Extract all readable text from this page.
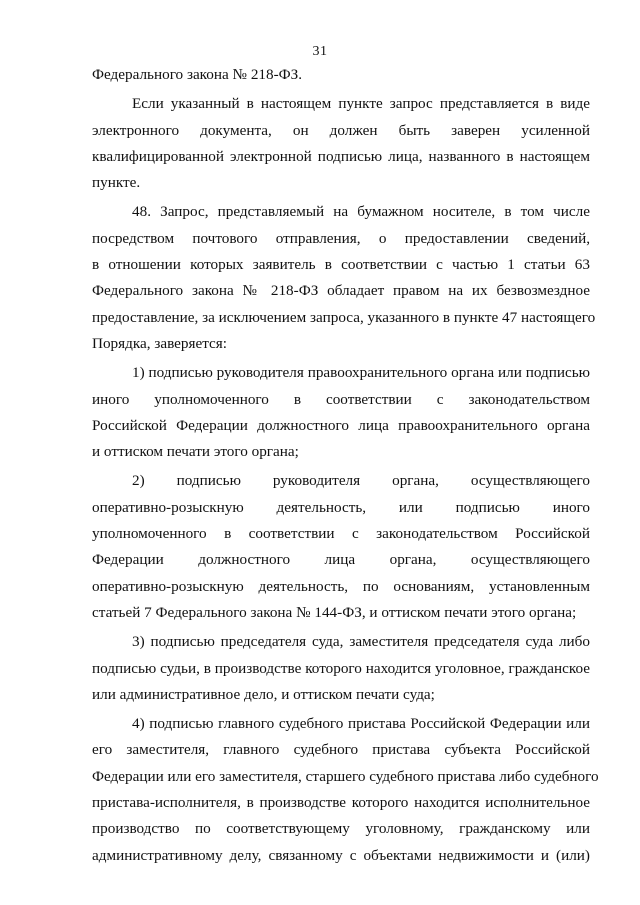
31
Федерального закона № 218-ФЗ.
Если указанный в настоящем пункте запрос представляется в виде
электронного документа, он должен быть заверен усиленной
квалифицированной электронной подписью лица, названного в настоящем
пункте.
48. Запрос, представляемый на бумажном носителе, в том числе
посредством почтового отправления, о предоставлении сведений,
в отношении которых заявитель в соответствии с частью 1 статьи 63
Федерального закона № 218-ФЗ обладает правом на их безвозмездное
предоставление, за исключением запроса, указанного в пункте 47 настоящего
Порядка, заверяется:
1) подписью руководителя правоохранительного органа или подписью
иного уполномоченного в соответствии с законодательством
Российской Федерации должностного лица правоохранительного органа
и оттиском печати этого органа;
2) подписью руководителя органа, осуществляющего
оперативно-розыскную деятельность, или подписью иного
уполномоченного в соответствии с законодательством Российской
Федерации должностного лица органа, осуществляющего
оперативно-розыскную деятельность, по основаниям, установленным
статьей 7 Федерального закона № 144-ФЗ, и оттиском печати этого органа;
3) подписью председателя суда, заместителя председателя суда либо
подписью судьи, в производстве которого находится уголовное, гражданское
или административное дело, и оттиском печати суда;
4) подписью главного судебного пристава Российской Федерации или
его заместителя, главного судебного пристава субъекта Российской
Федерации или его заместителя, старшего судебного пристава либо судебного
пристава-исполнителя, в производстве которого находится исполнительное
производство по соответствующему уголовному, гражданскому или
административному делу, связанному с объектами недвижимости и (или)
